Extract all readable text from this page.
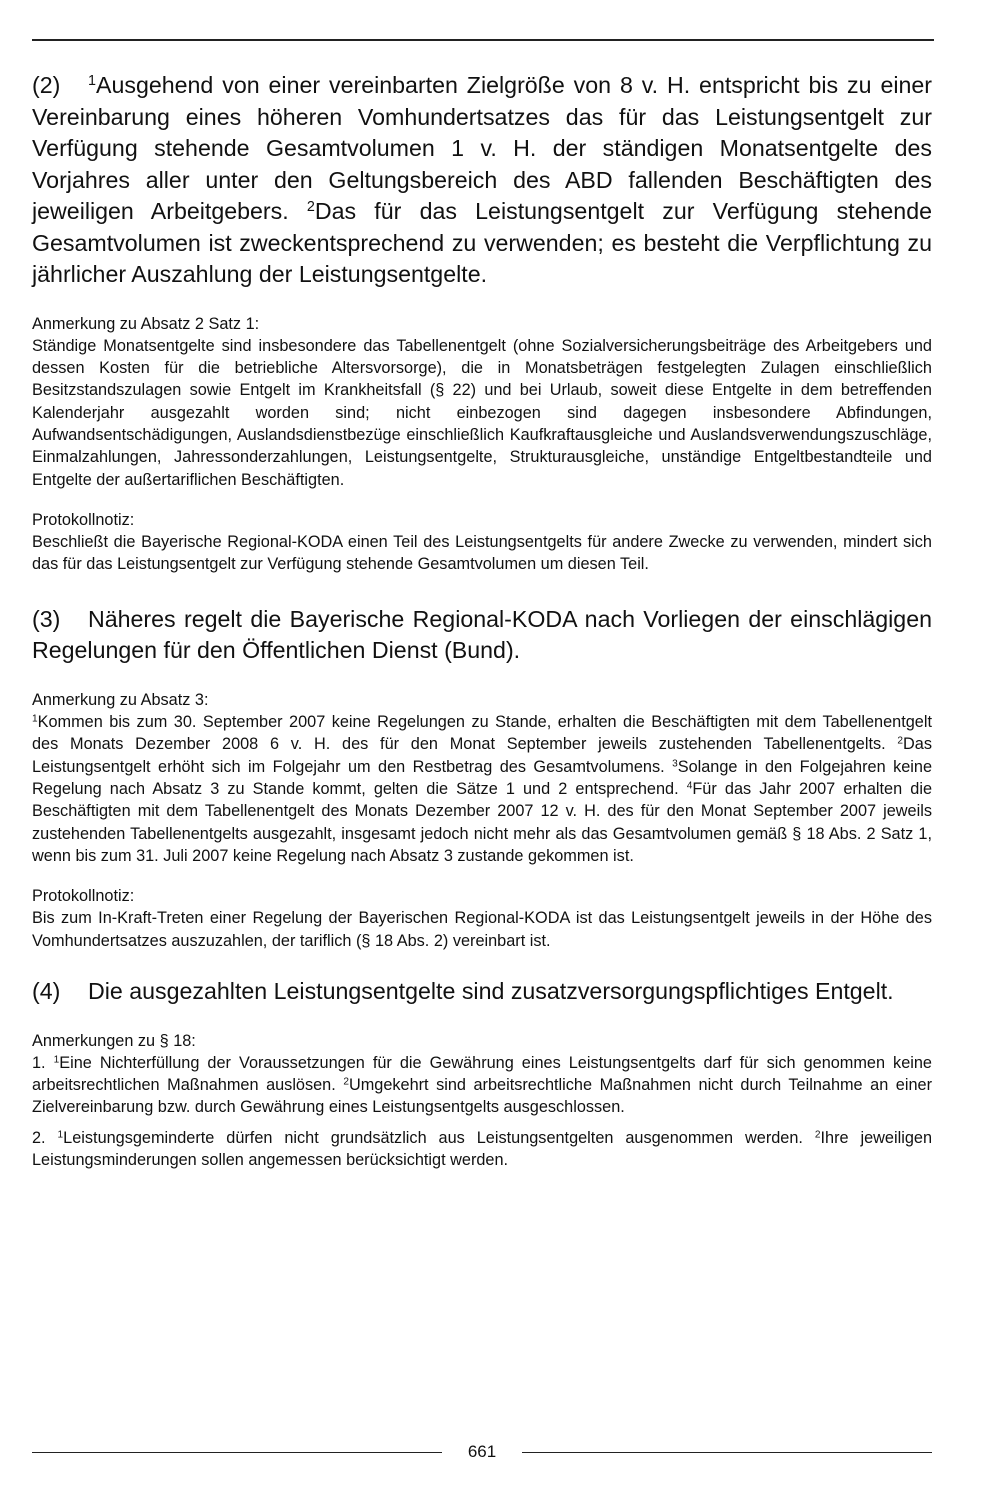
(2) $^1$Ausgehend von einer vereinbarten Zielgröße von 8 v. H. entspricht bis zu einer Vereinbarung eines höheren Vomhundertsatzes das für das Leistungsentgelt zur Verfügung stehende Gesamtvolumen 1 v. H. der ständigen Monatsentgelte des Vorjahres aller unter den Geltungsbereich des ABD fallenden Beschäftigten des jeweiligen Arbeitgebers. $^2$Das für das Leistungsentgelt zur Verfügung stehende Gesamtvolumen ist zweckentsprechend zu verwenden; es besteht die Verpflichtung zu jährlicher Auszahlung der Leistungsentgelte.

Anmerkung zu Absatz 2 Satz 1:

Ständige Monatsentgelte sind insbesondere das Tabellenentgelt (ohne Sozialversicherungsbeiträge des Arbeitgebers und dessen Kosten für die betriebliche Altersvorsorge), die in Monatsbeträgen festgelegten Zulagen einschließlich Besitzstandszulagen sowie Entgelt im Krankheitsfall (§ 22) und bei Urlaub, soweit diese Entgelte in dem betreffenden Kalenderjahr ausgezahlt worden sind; nicht einbezogen sind dagegen insbesondere Abfindungen, Aufwandsentschädigungen, Auslandsdienstbezüge einschließlich Kaufkraftausgleiche und Auslandsverwendungszuschläge, Einmalzahlungen, Jahressonderzahlungen, Leistungsentgelte, Strukturausgleiche, unständige Entgeltbestandteile und Entgelte der außertariflichen Beschäftigten.

Protokollnotiz:

Beschließt die Bayerische Regional-KODA einen Teil des Leistungsentgelts für andere Zwecke zu verwenden, mindert sich das für das Leistungsentgelt zur Verfügung stehende Gesamtvolumen um diesen Teil.

(3) Näheres regelt die Bayerische Regional-KODA nach Vorliegen der einschlägigen Regelungen für den Öffentlichen Dienst (Bund).

Anmerkung zu Absatz 3:

$^1$Kommen bis zum 30. September 2007 keine Regelungen zu Stande, erhalten die Beschäftigten mit dem Tabellenentgelt des Monats Dezember 2008 6 v. H. des für den Monat September jeweils zustehenden Tabellenentgelts. $^2$Das Leistungsentgelt erhöht sich im Folgejahr um den Restbetrag des Gesamtvolumens. $^3$Solange in den Folgejahren keine Regelung nach Absatz 3 zu Stande kommt, gelten die Sätze 1 und 2 entsprechend. $^4$Für das Jahr 2007 erhalten die Beschäftigten mit dem Tabellenentgelt des Monats Dezember 2007 12 v. H. des für den Monat September 2007 jeweils zustehenden Tabellenentgelts ausgezahlt, insgesamt jedoch nicht mehr als das Gesamtvolumen gemäß § 18 Abs. 2 Satz 1, wenn bis zum 31. Juli 2007 keine Regelung nach Absatz 3 zustande gekommen ist.

Protokollnotiz:

Bis zum In-Kraft-Treten einer Regelung der Bayerischen Regional-KODA ist das Leistungsentgelt jeweils in der Höhe des Vomhundertsatzes auszuzahlen, der tariflich (§ 18 Abs. 2) vereinbart ist.

(4) Die ausgezahlten Leistungsentgelte sind zusatzversorgungspflichtiges Entgelt.

Anmerkungen zu § 18:

1. $^1$Eine Nichterfüllung der Voraussetzungen für die Gewährung eines Leistungsentgelts darf für sich genommen keine arbeitsrechtlichen Maßnahmen auslösen. $^2$Umgekehrt sind arbeitsrechtliche Maßnahmen nicht durch Teilnahme an einer Zielvereinbarung bzw. durch Gewährung eines Leistungsentgelts ausgeschlossen.

2. $^1$Leistungsgeminderte dürfen nicht grundsätzlich aus Leistungsentgelten ausgenommen werden. $^2$Ihre jeweiligen Leistungsminderungen sollen angemessen berücksichtigt werden.

661
